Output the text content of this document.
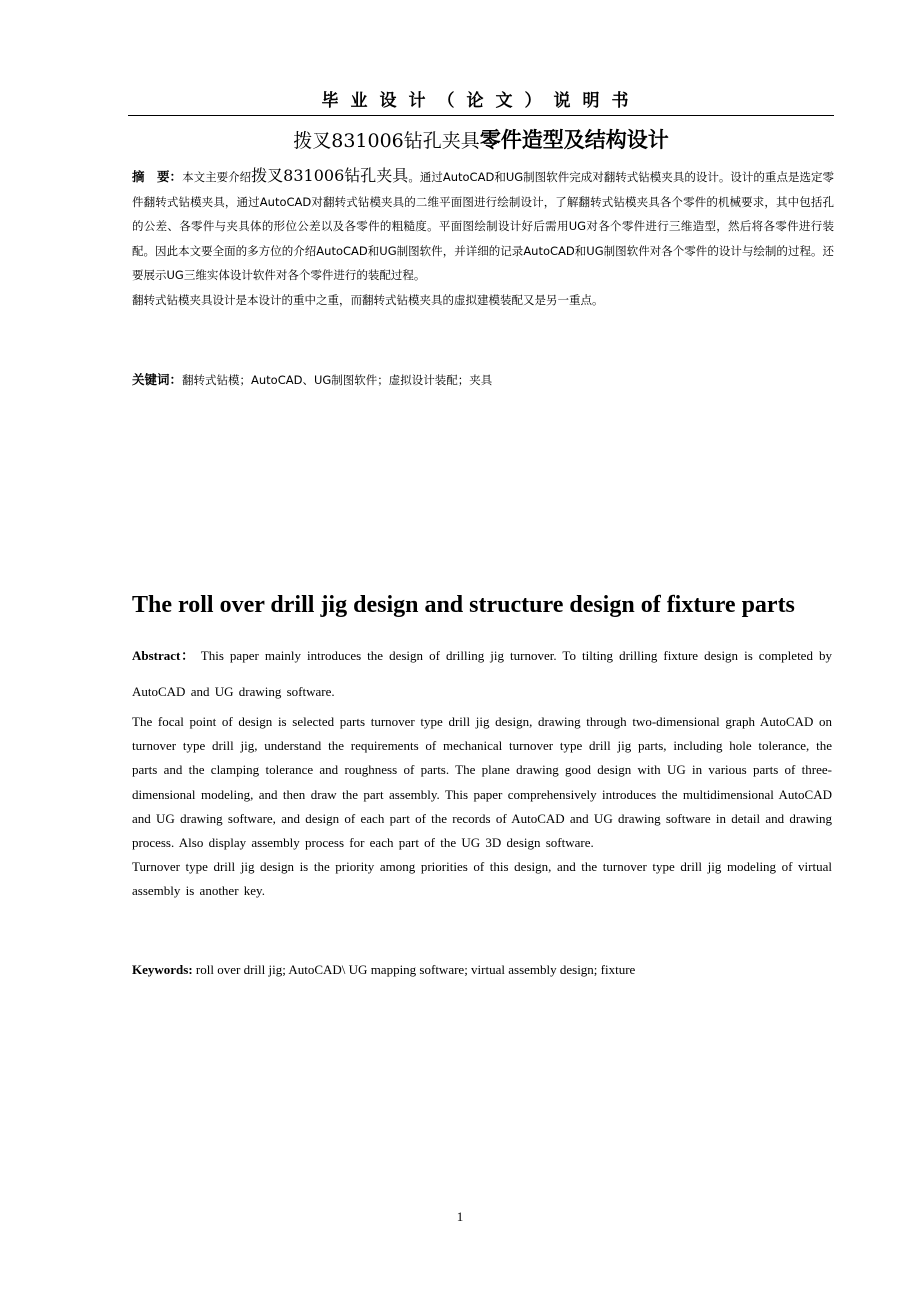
毕业设计（论文）说明书
拨叉831006钻孔夹具零件造型及结构设计
摘　要：本文主要介绍拨叉831006钻孔夹具。通过AutoCAD和UG制图软件完成对翻转式钻模夹具的设计。设计的重点是选定零件翻转式钻模夹具，通过AutoCAD对翻转式钻模夹具的二维平面图进行绘制设计，了解翻转式钻模夹具各个零件的机械要求，其中包括孔的公差、各零件与夹具体的形位公差以及各零件的粗糙度。平面图绘制设计好后需用UG对各个零件进行三维造型，然后将各零件进行装配。因此本文要全面的多方位的介绍AutoCAD和UG制图软件，并详细的记录AutoCAD和UG制图软件对各个零件的设计与绘制的过程。还要展示UG三维实体设计软件对各个零件进行的装配过程。
翻转式钻模夹具设计是本设计的重中之重，而翻转式钻模夹具的虚拟建模装配又是另一重点。
关键词：翻转式钻模；AutoCAD、UG制图软件；虚拟设计装配；夹具
The roll over drill jig design and structure design of fixture parts

Abstract： This paper mainly introduces the design of drilling jig turnover. To tilting drilling fixture design is completed by AutoCAD and UG drawing software.

The focal point of design is selected parts turnover type drill jig design, drawing through two-dimensional graph AutoCAD on turnover type drill jig, understand the requirements of mechanical turnover type drill jig parts, including hole tolerance, the parts and the clamping tolerance and roughness of parts. The plane drawing good design with UG in various parts of three-dimensional modeling, and then draw the part assembly. This paper comprehensively introduces the multidimensional AutoCAD and UG drawing software, and design of each part of the records of AutoCAD and UG drawing software in detail and drawing process. Also display assembly process for each part of the UG 3D design software.

Turnover type drill jig design is the priority among priorities of this design, and the turnover type drill jig modeling of virtual assembly is another key.

Keywords: roll over drill jig; AutoCAD\ UG mapping software; virtual assembly design; fixture
1
